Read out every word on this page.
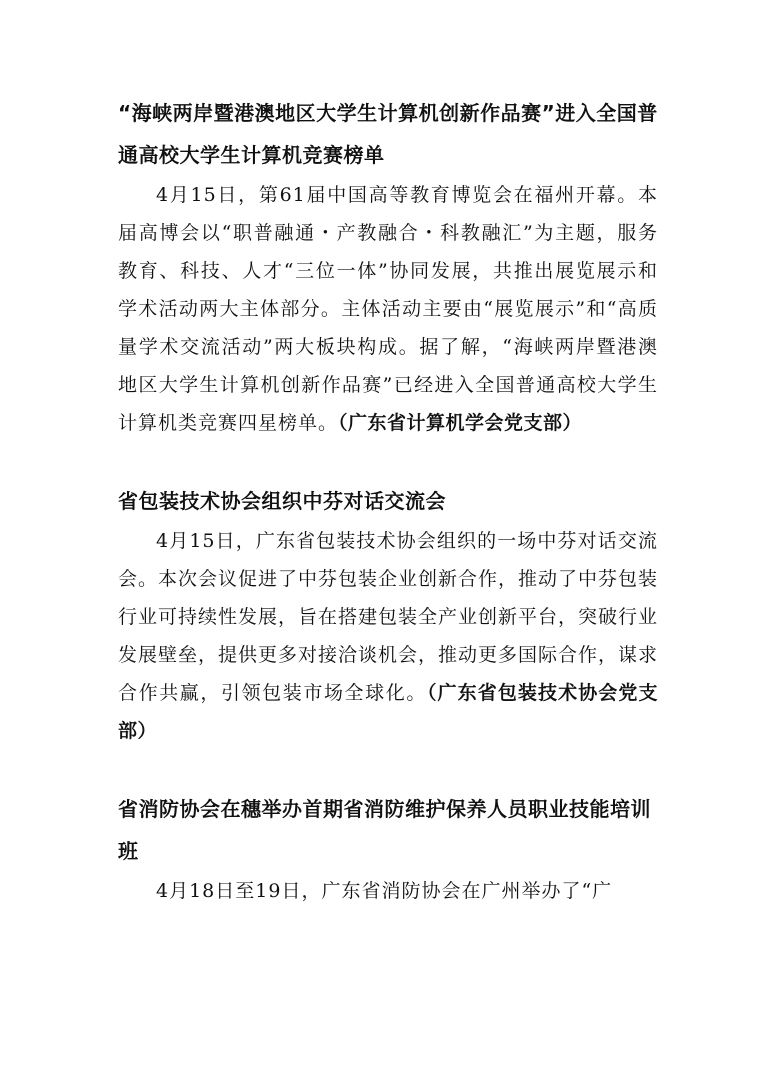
“海峡两岸暨港澳地区大学生计算机创新作品赛”进入全国普通高校大学生计算机竞赛榜单

4月15日，第61届中国高等教育博览会在福州开幕。本届高博会以“职普融通・产教融合・科教融汇”为主题，服务教育、科技、人才“三位一体”协同发展，共推出展览展示和学术活动两大主体部分。主体活动主要由“展览展示”和“高质量学术交流活动”两大板块构成。据了解，“海峡两岸暨港澳地区大学生计算机创新作品赛”已经进入全国普通高校大学生计算机类竞赛四星榜单。（广东省计算机学会党支部）

省包装技术协会组织中芬对话交流会

4月15日，广东省包装技术协会组织的一场中芬对话交流会。本次会议促进了中芬包装企业创新合作，推动了中芬包装行业可持续性发展，旨在搭建包装全产业创新平台，突破行业发展壁垒，提供更多对接洽谈机会，推动更多国际合作，谋求合作共赢，引领包装市场全球化。（广东省包装技术协会党支部）

省消防协会在穗举办首期省消防维护保养人员职业技能培训班

4月18日至19日，广东省消防协会在广州举办了“广
